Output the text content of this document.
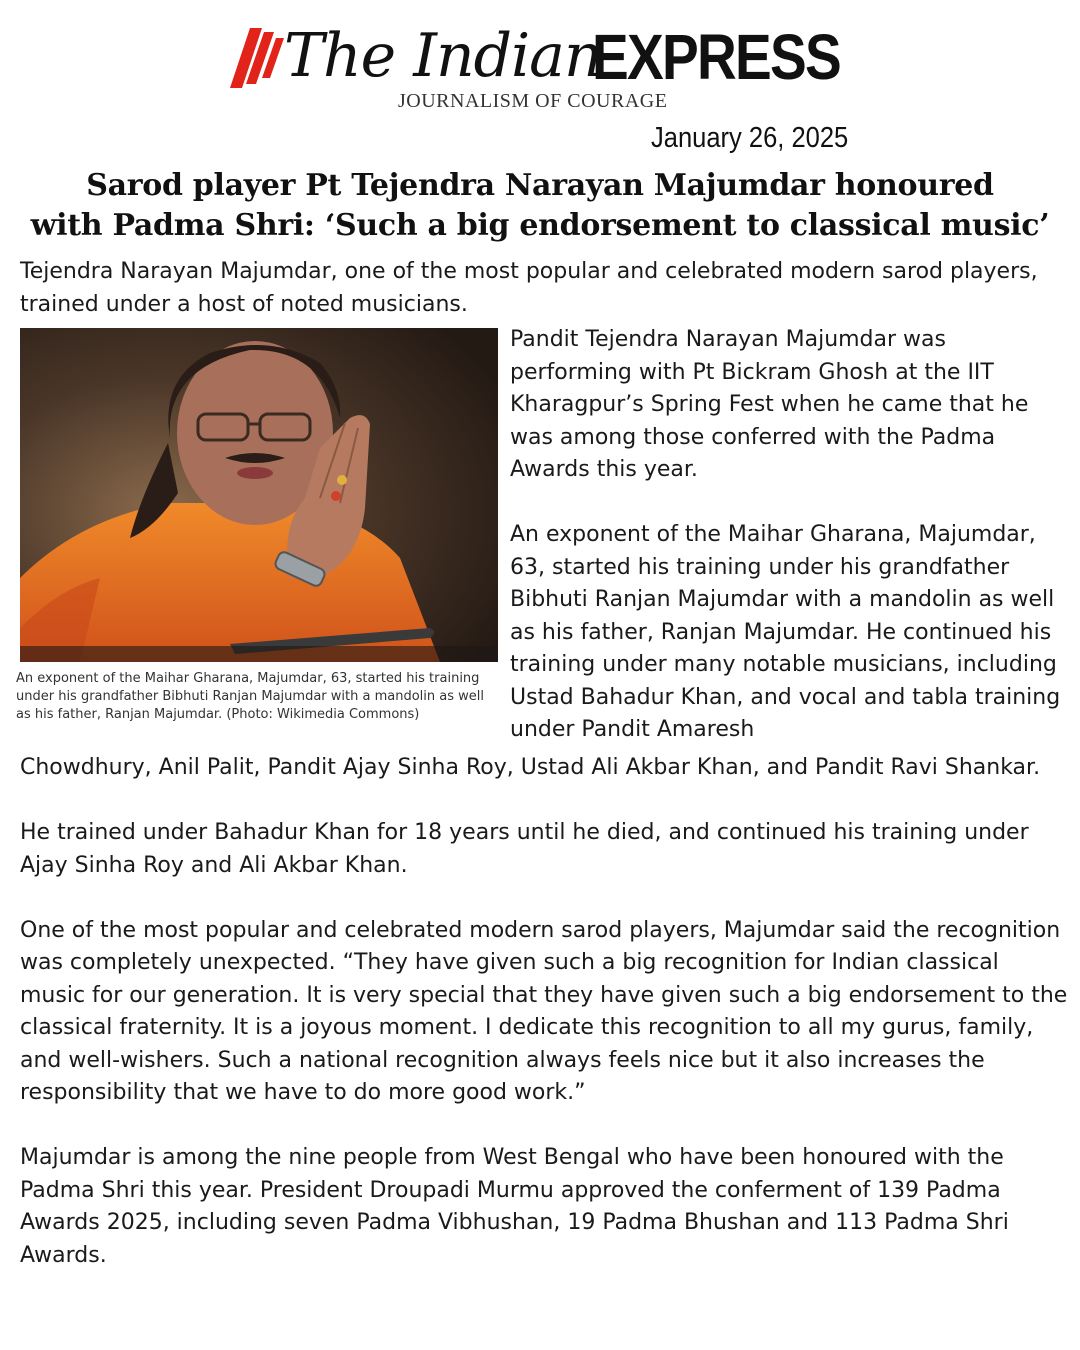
The Indian
EXPRESS
JOURNALISM OF COURAGE
January 26, 2025
Sarod player Pt Tejendra Narayan Majumdar honoured
with Padma Shri: ‘Such a big endorsement to classical music’

Tejendra Narayan Majumdar, one of the most popular and celebrated modern sarod players, trained under a host of noted musicians.

An exponent of the Maihar Gharana, Majumdar, 63, started his training under his grandfather Bibhuti Ranjan Majumdar with a mandolin as well as his father, Ranjan Majumdar. (Photo: Wikimedia Commons)

Pandit Tejendra Narayan Majumdar was performing with Pt Bickram Ghosh at the IIT Kharagpur’s Spring Fest when he came that he was among those conferred with the Padma Awards this year.

An exponent of the Maihar Gharana, Majumdar, 63, started his training under his grandfather Bibhuti Ranjan Majumdar with a mandolin as well as his father, Ranjan Majumdar. He continued his training under many notable musicians, including Ustad Bahadur Khan, and vocal and tabla training under Pandit Amaresh

Chowdhury, Anil Palit, Pandit Ajay Sinha Roy, Ustad Ali Akbar Khan, and Pandit Ravi Shankar.

He trained under Bahadur Khan for 18 years until he died, and continued his training under Ajay Sinha Roy and Ali Akbar Khan.

One of the most popular and celebrated modern sarod players, Majumdar said the recognition was completely unexpected. “They have given such a big recognition for Indian classical music for our generation. It is very special that they have given such a big endorsement to the classical fraternity. It is a joyous moment. I dedicate this recognition to all my gurus, family, and well-wishers. Such a national recognition always feels nice but it also increases the responsibility that we have to do more good work.”

Majumdar is among the nine people from West Bengal who have been honoured with the Padma Shri this year. President Droupadi Murmu approved the conferment of 139 Padma Awards 2025, including seven Padma Vibhushan, 19 Padma Bhushan and 113 Padma Shri Awards.
